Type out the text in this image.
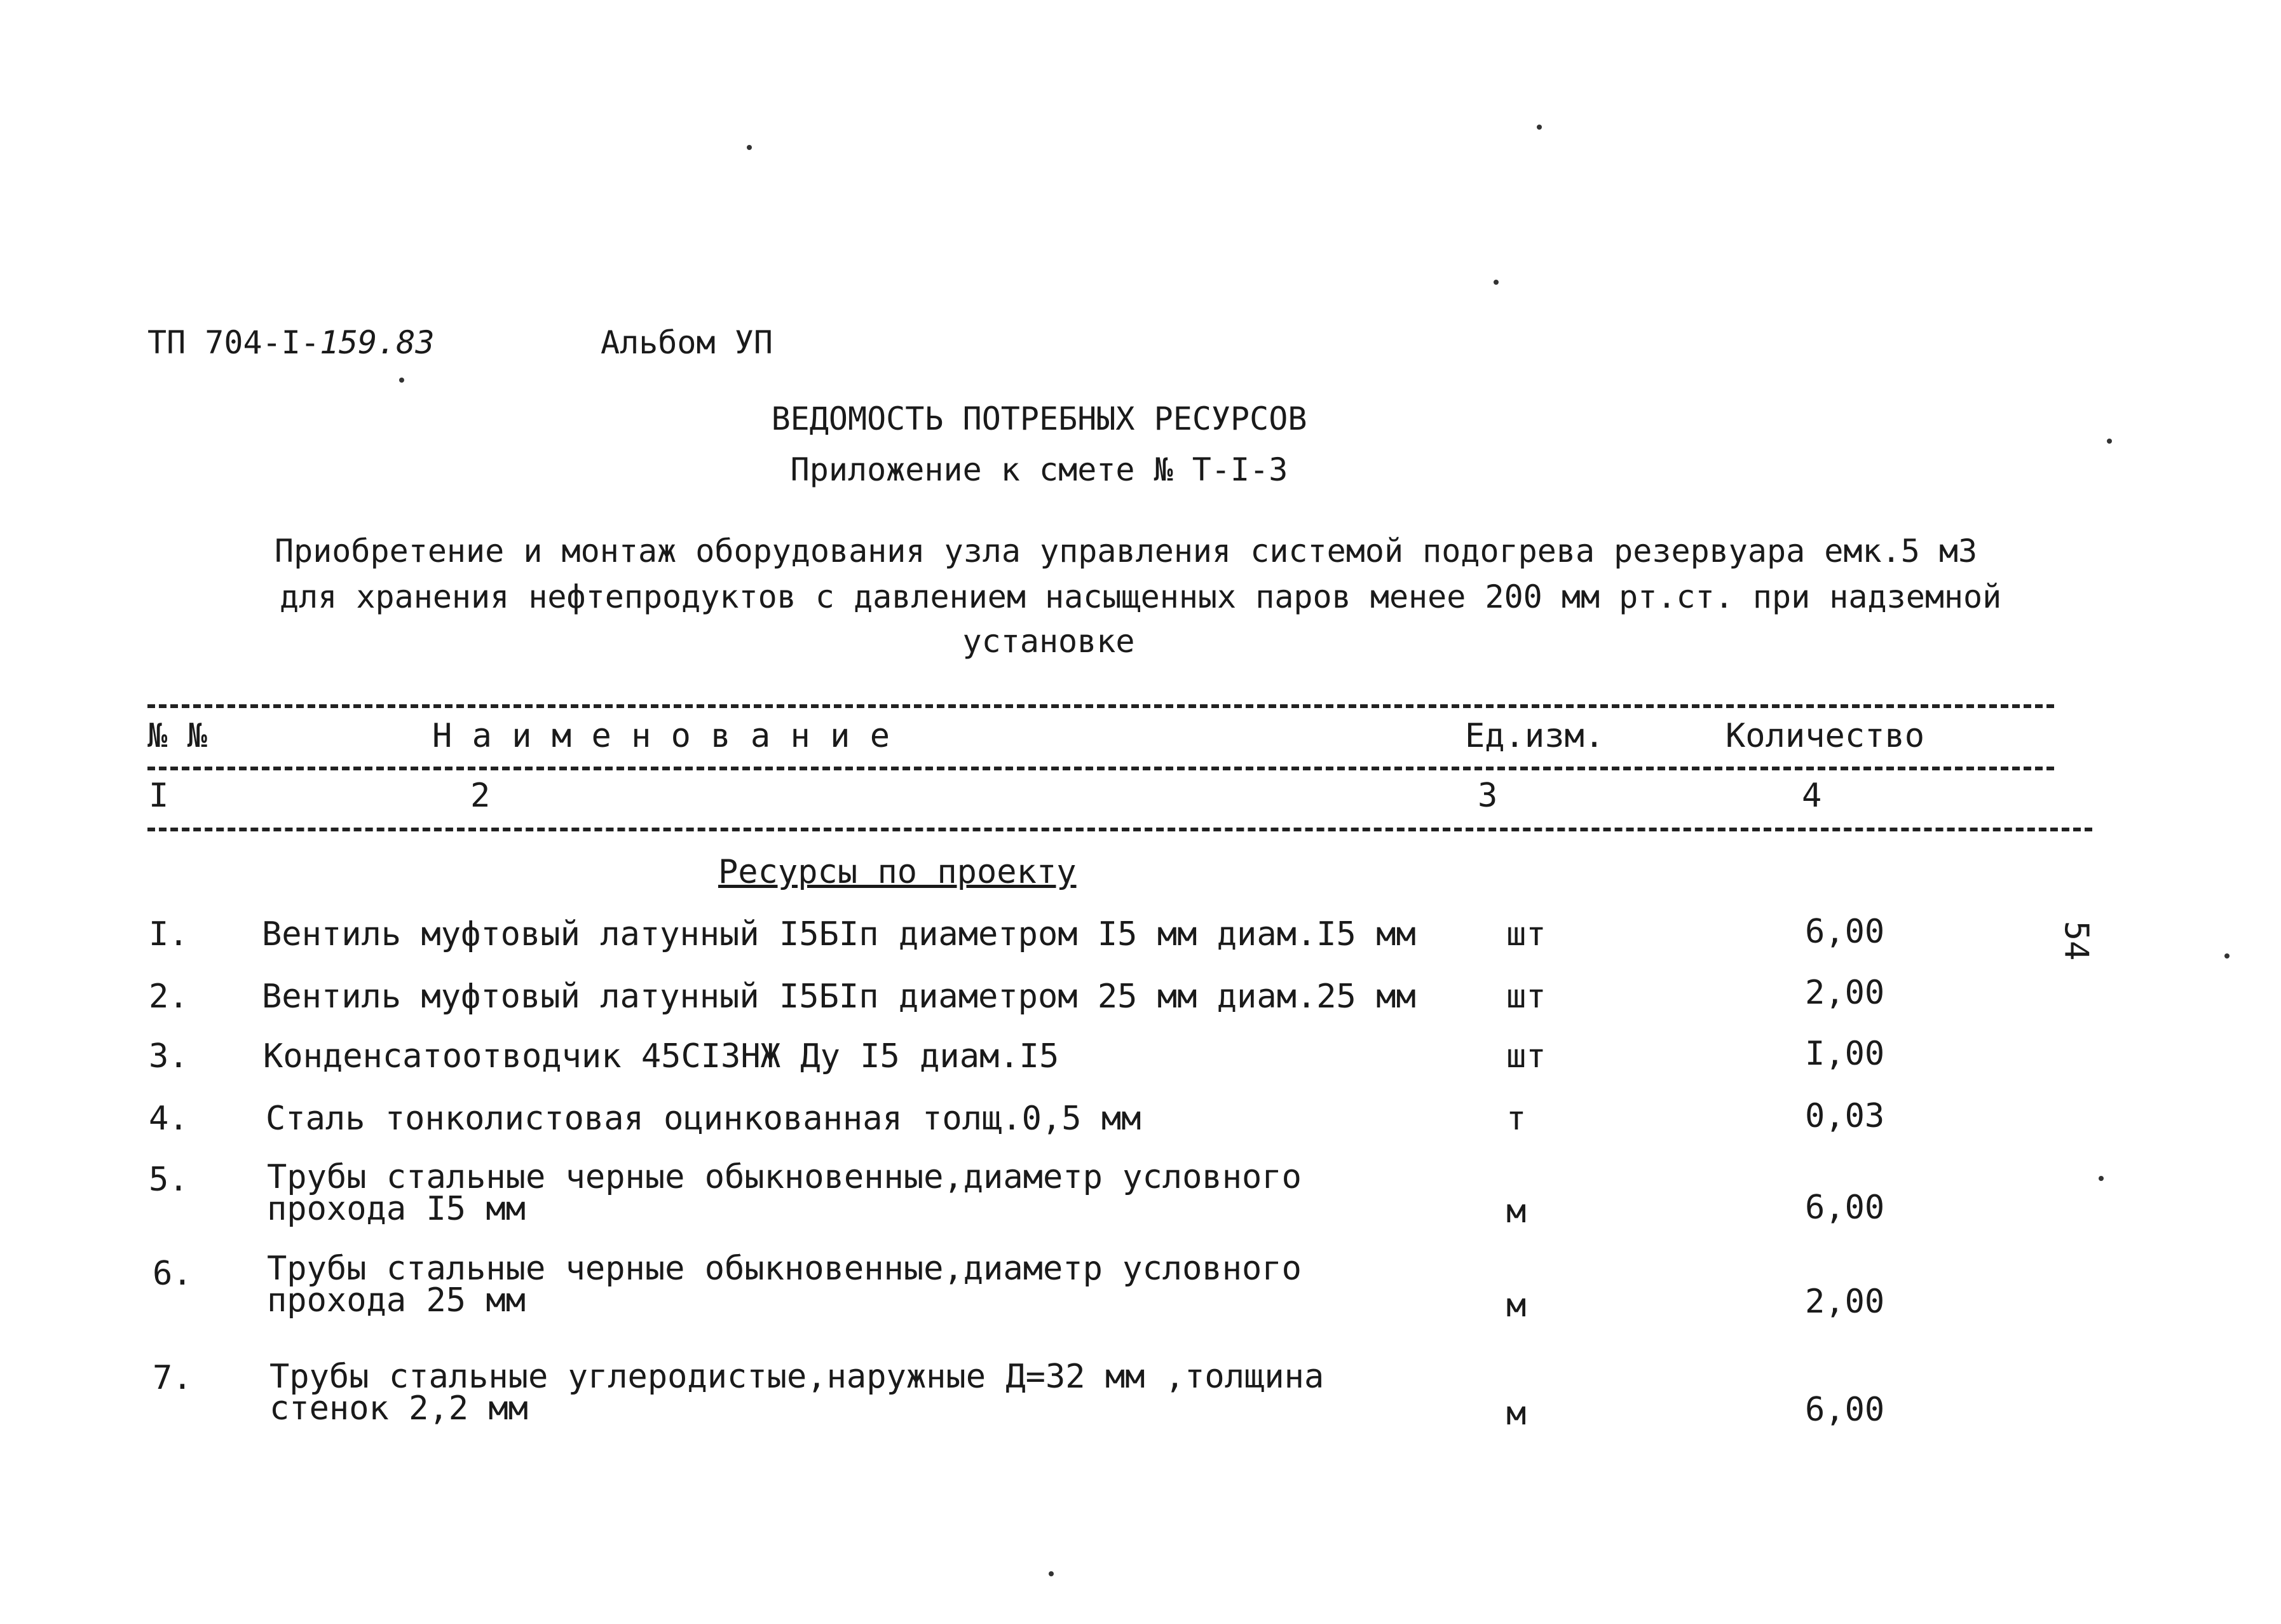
ТП 704-I-159.83	Альбом УП
ВЕДОМОСТЬ ПОТРЕБНЫХ РЕСУРСОВ
Приложение к смете № Т-I-3
Приобретение и монтаж оборудования узла управления системой подогрева резервуара емк.5 м3
для хранения нефтепродуктов с давлением насыщенных паров менее 200 мм рт.ст. при надземной
установке
№ №	Н а и м е н о в а н и е	Ед.изм.	Количество
I	2	3	4
Ресурсы по проекту
I. Вентиль муфтовый латунный I5БIп диаметром I5 мм диам.I5 мм	шт	6,00
2. Вентиль муфтовый латунный I5БIп диаметром 25 мм диам.25 мм	шт	2,00
3. Конденсатоотводчик 45СI3НЖ Ду I5 диам.I5	шт	I,00
4. Сталь тонколистовая оцинкованная толщ.0,5 мм	т	0,03
5. Трубы стальные черные обыкновенные,диаметр условного
прохода I5 мм	м	6,00
6. Трубы стальные черные обыкновенные,диаметр условного
прохода 25 мм	м	2,00
7. Трубы стальные углеродистые,наружные Д=32 мм ,толщина
стенок 2,2 мм	м	6,00
54
